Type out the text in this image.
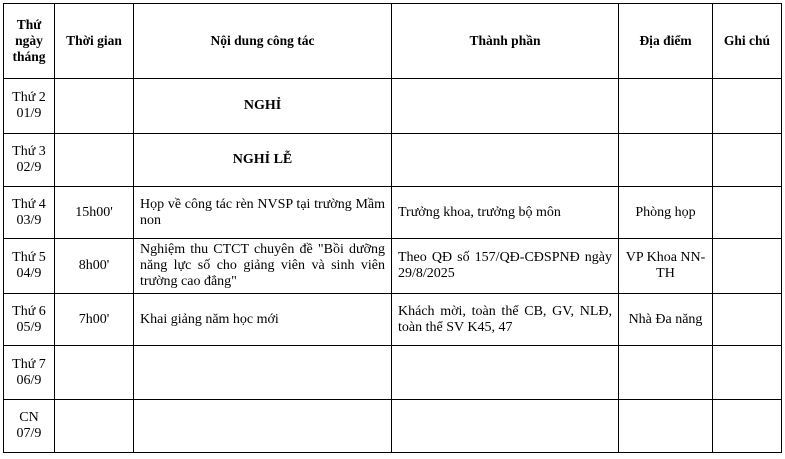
Thứ
ngày
tháng	Thời gian	Nội dung công tác	Thành phần	Địa điểm	Ghi chú

Thứ 2
01/9		NGHỈ			

Thứ 3
02/9		NGHỈ LỄ			

Thứ 4
03/9	15h00'	Họp về công tác rèn NVSP tại trường Mầm non	Trưởng khoa, trưởng bộ môn	Phòng họp	

Thứ 5
04/9	8h00'	Nghiệm thu CTCT chuyên đề "Bồi dưỡng năng lực số cho giảng viên và sinh viên trường cao đẳng"	Theo QĐ số 157/QĐ-CĐSPNĐ ngày 29/8/2025	VP Khoa NN-TH	

Thứ 6
05/9	7h00'	Khai giảng năm học mới	Khách mời, toàn thể CB, GV, NLĐ, toàn thể SV K45, 47	Nhà Đa năng	

Thứ 7
06/9					

CN
07/9					
